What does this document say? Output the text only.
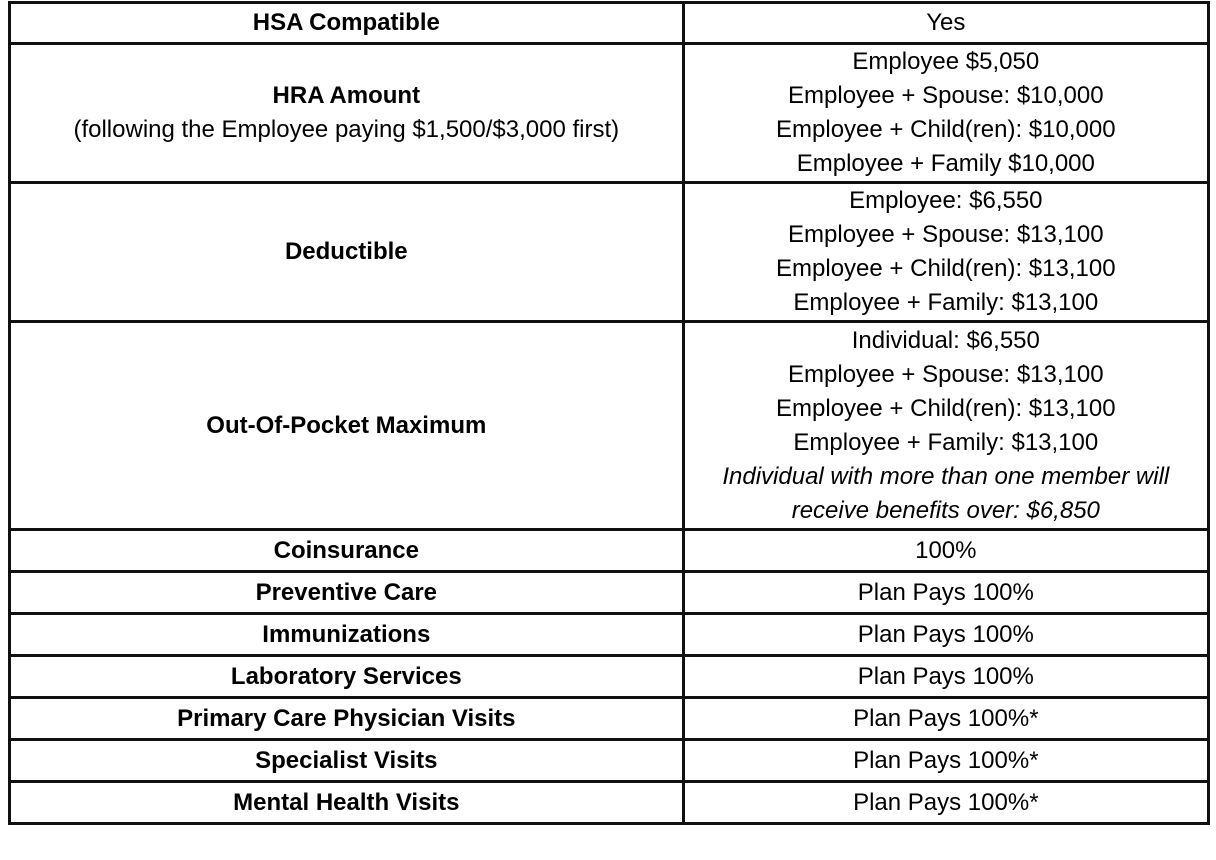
HSA Compatible	Yes

HRA Amount
(following the Employee paying $1,500/$3,000 first)	Employee $5,050
Employee + Spouse: $10,000
Employee + Child(ren): $10,000
Employee + Family $10,000

Deductible	Employee: $6,550
Employee + Spouse: $13,100
Employee + Child(ren): $13,100
Employee + Family: $13,100

Out-Of-Pocket Maximum	
Individual: $6,550
Employee + Spouse: $13,100
Employee + Child(ren): $13,100
Employee + Family: $13,100
Individual with more than one member will
receive benefits over: $6,850

Coinsurance	100%
Preventive Care	Plan Pays 100%
Immunizations	Plan Pays 100%
Laboratory Services	Plan Pays 100%
Primary Care Physician Visits	Plan Pays 100%*
Specialist Visits	Plan Pays 100%*
Mental Health Visits	Plan Pays 100%*
